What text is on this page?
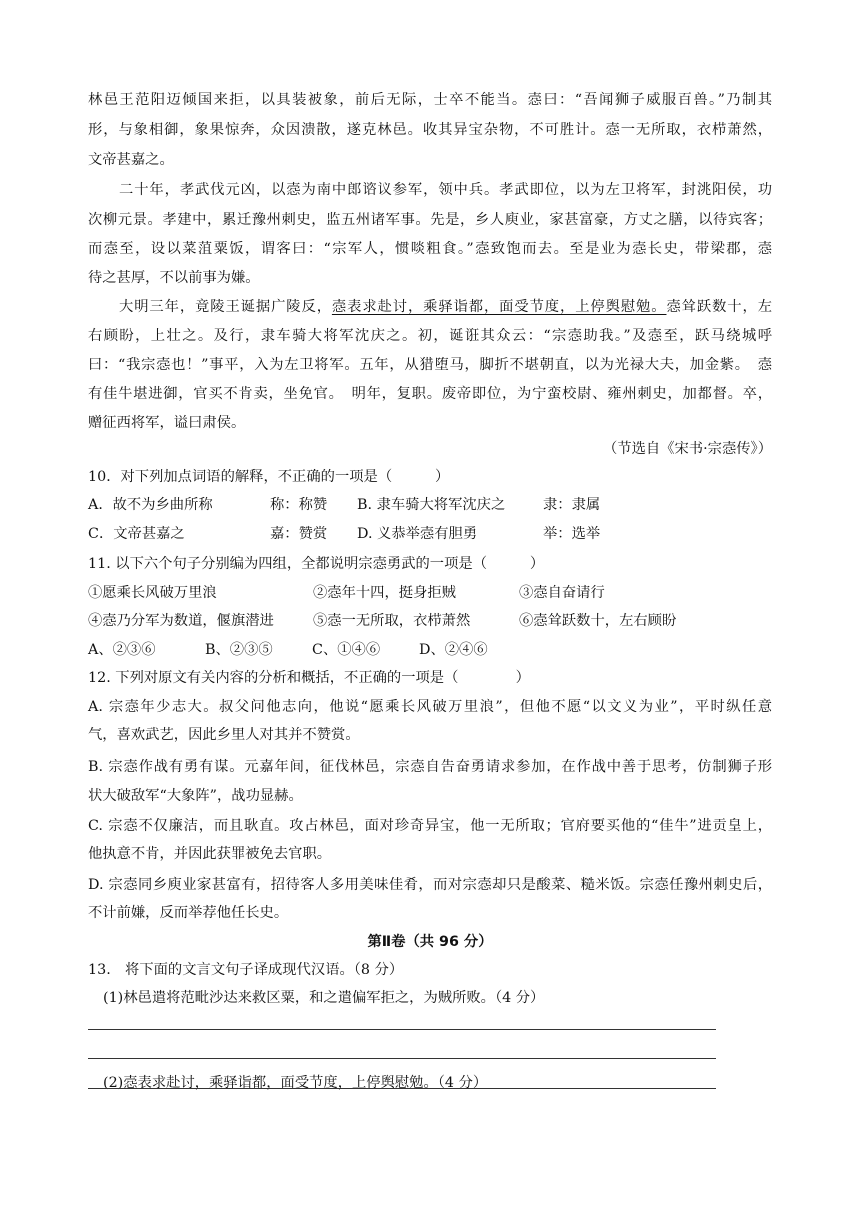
林邑王范阳迈倾国来拒，以具装被象，前后无际，士卒不能当。悫曰：“吾闻狮子威服百兽。”乃制其
形，与象相御，象果惊奔，众因溃散，遂克林邑。收其异宝杂物，不可胜计。悫一无所取，衣栉萧然，
文帝甚嘉之。
二十年，孝武伐元凶，以悫为南中郎谘议参军，领中兵。孝武即位，以为左卫将军，封洮阳侯，功
次柳元景。孝建中，累迁豫州刺史，监五州诸军事。先是，乡人庾业，家甚富豪，方丈之膳，以待宾客；
而悫至，设以菜菹粟饭，谓客曰：“宗军人，惯啖粗食。”悫致饱而去。至是业为悫长史，带梁郡，悫
待之甚厚，不以前事为嫌。
大明三年，竟陵王诞据广陵反，悫表求赴讨，乘驿诣都，面受节度，上停舆慰勉。悫耸跃数十，左
右顾盼，上壮之。及行，隶车骑大将军沈庆之。初，诞诳其众云：“宗悫助我。”及悫至，跃马绕城呼
曰：“我宗悫也！”事平，入为左卫将军。五年，从猎堕马，脚折不堪朝直，以为光禄大夫，加金紫。　悫
有佳牛堪进御，官买不肯卖，坐免官。　明年，复职。废帝即位，为宁蛮校尉、雍州刺史，加都督。卒，
赠征西将军，谥曰肃侯。
（节选自《宋书·宗悫传》）
10．对下列加点词语的解释，不正确的一项是（　　　）
A．故不为乡曲所称	称：称赞 B. 隶车骑大将军沈庆之	隶：隶属
C．文帝甚嘉之	嘉：赞赏 D. 义恭举悫有胆勇	举：选举
11. 以下六个句子分别编为四组，全都说明宗悫勇武的一项是（　　　）
①愿乘长风破万里浪	②悫年十四，挺身拒贼	③悫自奋请行
④悫乃分军为数道，偃旗潜进	⑤悫一无所取，衣栉萧然	⑥悫耸跃数十，左右顾盼
A、②③⑥	B、②③⑤	C、①④⑥	D、②④⑥
12. 下列对原文有关内容的分析和概括，不正确的一项是（　　　　）
A. 宗悫年少志大。叔父问他志向，他说“愿乘长风破万里浪”，但他不愿“以文义为业”，平时纵任意
气，喜欢武艺，因此乡里人对其并不赞赏。
B. 宗悫作战有勇有谋。元嘉年间，征伐林邑，宗悫自告奋勇请求参加，在作战中善于思考，仿制狮子形
状大破敌军“大象阵”，战功显赫。
C. 宗悫不仅廉洁，而且耿直。攻占林邑，面对珍奇异宝，他一无所取；官府要买他的“佳牛”进贡皇上，
他执意不肯，并因此获罪被免去官职。
D. 宗悫同乡庾业家甚富有，招待客人多用美味佳肴，而对宗悫却只是酸菜、糙米饭。宗悫任豫州刺史后，
不计前嫌，反而举荐他任长史。
第Ⅱ卷（共 96 分）
13.　将下面的文言文句子译成现代汉语。（8 分）
(1)林邑遣将范毗沙达来救区粟，和之遣偏军拒之，为贼所败。（4 分）
(2)悫表求赴讨，乘驿诣都，面受节度，上停舆慰勉。（4 分）
